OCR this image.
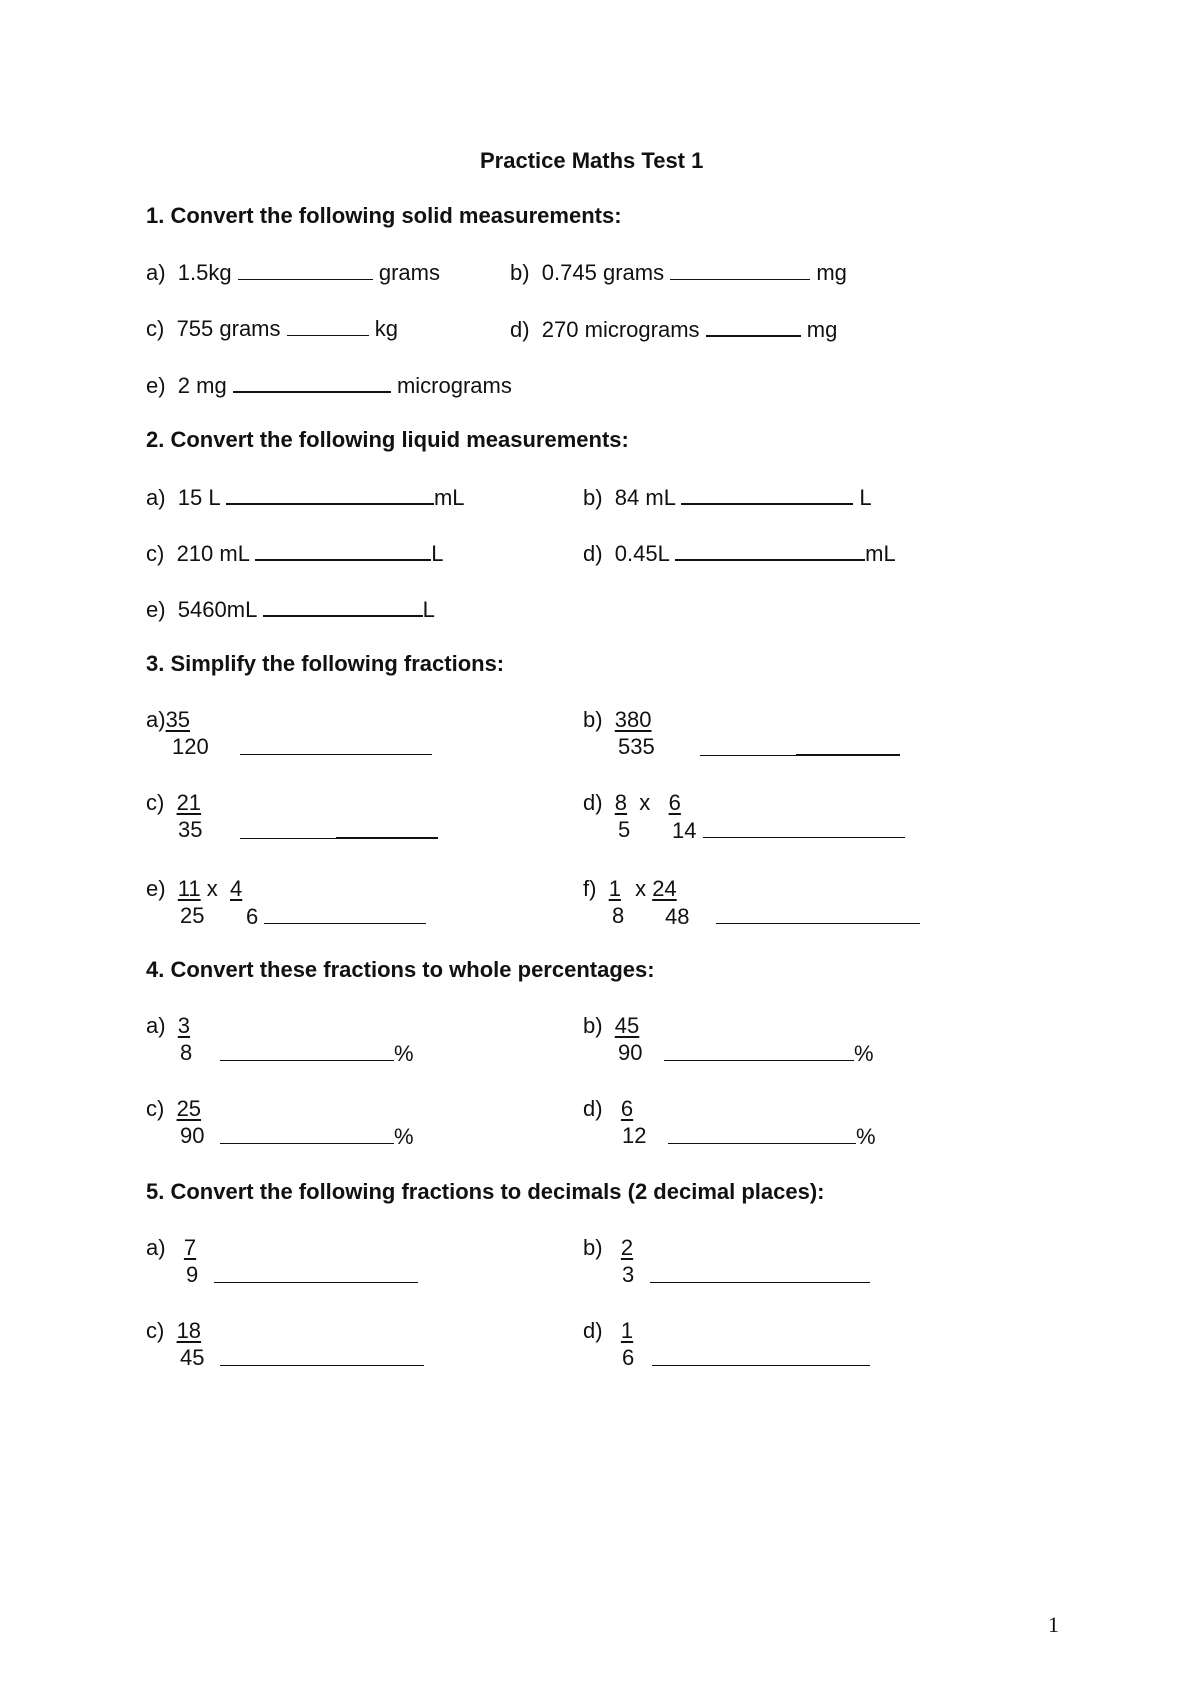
Practice Maths Test 1
1. Convert the following solid measurements:
a) 1.5kg	grams	b) 0.745 grams	mg
c) 755 grams	kg	d) 270 micrograms	mg
e) 2 mg	micrograms
2. Convert the following liquid measurements:
a) 15 L	mL	b) 84 mL	L
c) 210 mL	L	d) 0.45L	mL
e) 5460mL	L
3. Simplify the following fractions:
a)35
120
b) 380
535
c) 21
35
d) 8 x 6
5 14
e) 11 x 4
25 6
f) 1 x 24
8 48
4. Convert these fractions to whole percentages:
a) 3
8	%
b) 45
90	%
c) 25
90	%
d) 6
12	%
5. Convert the following fractions to decimals (2 decimal places):
a) 7
9
b) 2
3
c) 18
45
d) 1
6
1
